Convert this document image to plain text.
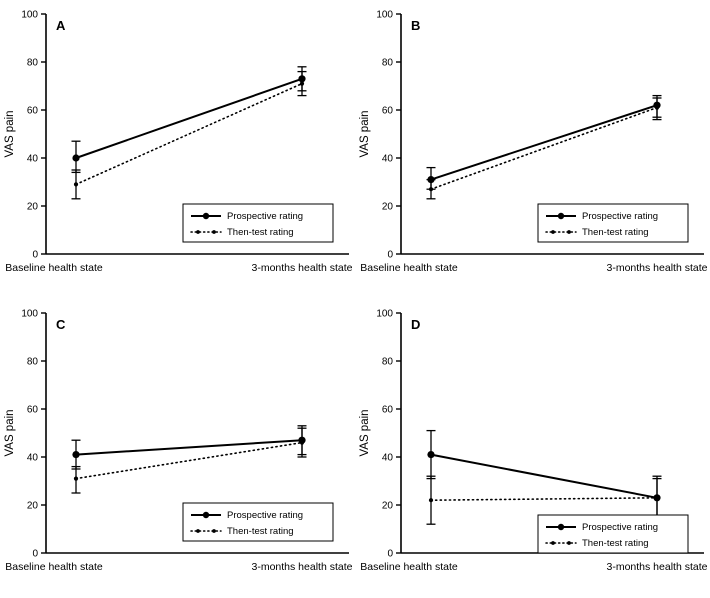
0
20
40
60
80
100
VAS pain
A
Baseline health state	3-months health state
Prospective rating
Then-test rating
0
20
40
60
80
100
VAS pain
B
Baseline health state	3-months health state
Prospective rating
Then-test rating
0
20
40
60
80
100
VAS pain
C
Baseline health state	3-months health state
Prospective rating
Then-test rating
0
20
40
60
80
100
VAS pain
D
Baseline health state	3-months health state
Prospective rating
Then-test rating
